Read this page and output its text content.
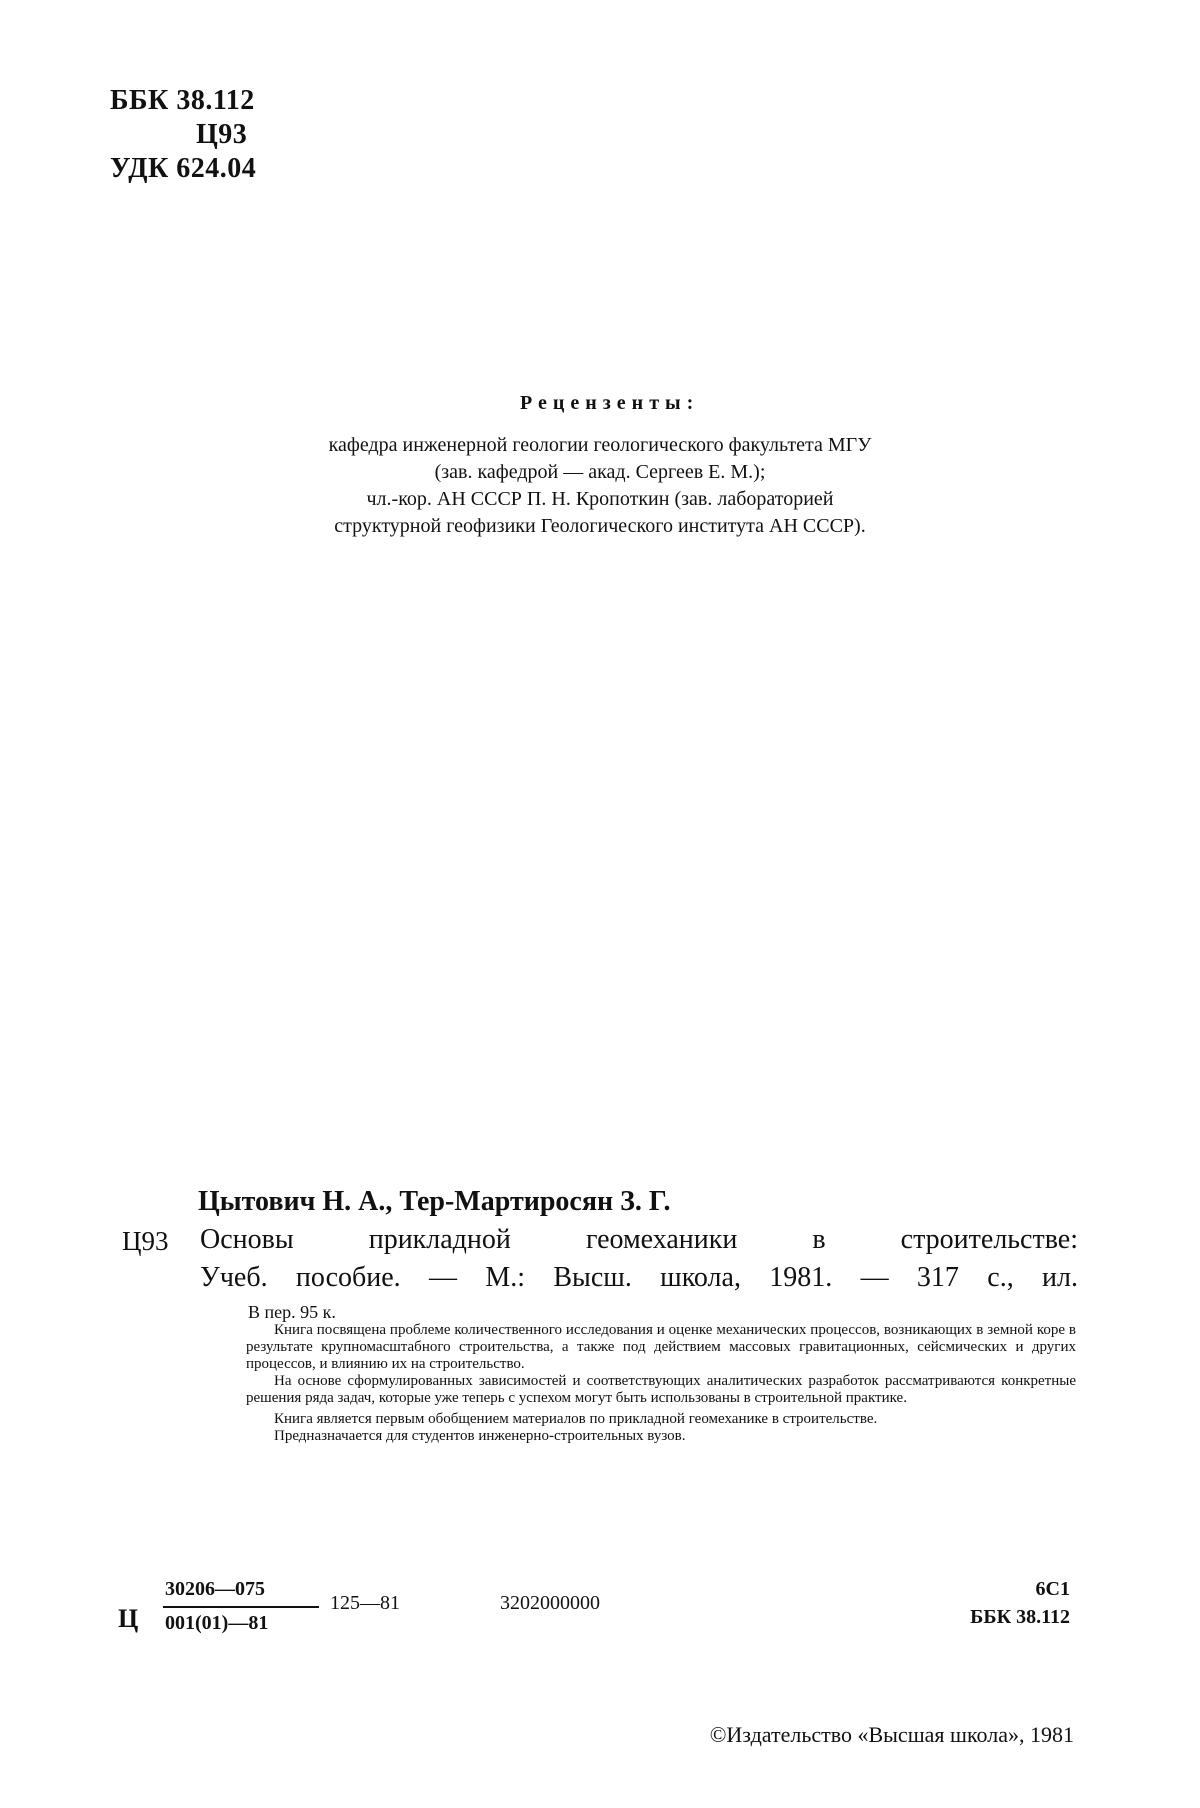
ББК 38.112
Ц93
УДК 624.04
Рецензенты:
кафедра инженерной геологии геологического факультета МГУ
(зав. кафедрой — акад. Сергеев Е. М.);
чл.-кор. АН СССР П. Н. Кропоткин (зав. лабораторией
структурной геофизики Геологического института АН СССР).
Цытович Н. А., Тер-Мартиросян З. Г.
Ц93 Основы прикладной геомеханики в строительстве:
Учеб. пособие. — М.: Высш. школа, 1981. — 317 с., ил.
В пер. 95 к.

Книга посвящена проблеме количественного исследования и оценке механических процессов, возникающих в земной коре в результате крупномасштабного строительства, а также под действием массовых гравитационных, сейсмических и других процессов, и влиянию их на строительство.

На основе сформулированных зависимостей и соответствующих аналитических разработок рассматриваются конкретные решения ряда задач, которые уже теперь с успехом могут быть использованы в строительной практике.

Книга является первым обобщением материалов по прикладной геомеханике в строительстве.

Предназначается для студентов инженерно-строительных вузов.

Ц
30206—075
001(01)—81
125—81	3202000000
6С1
ББК 38.112
©Издательство «Высшая школа», 1981
